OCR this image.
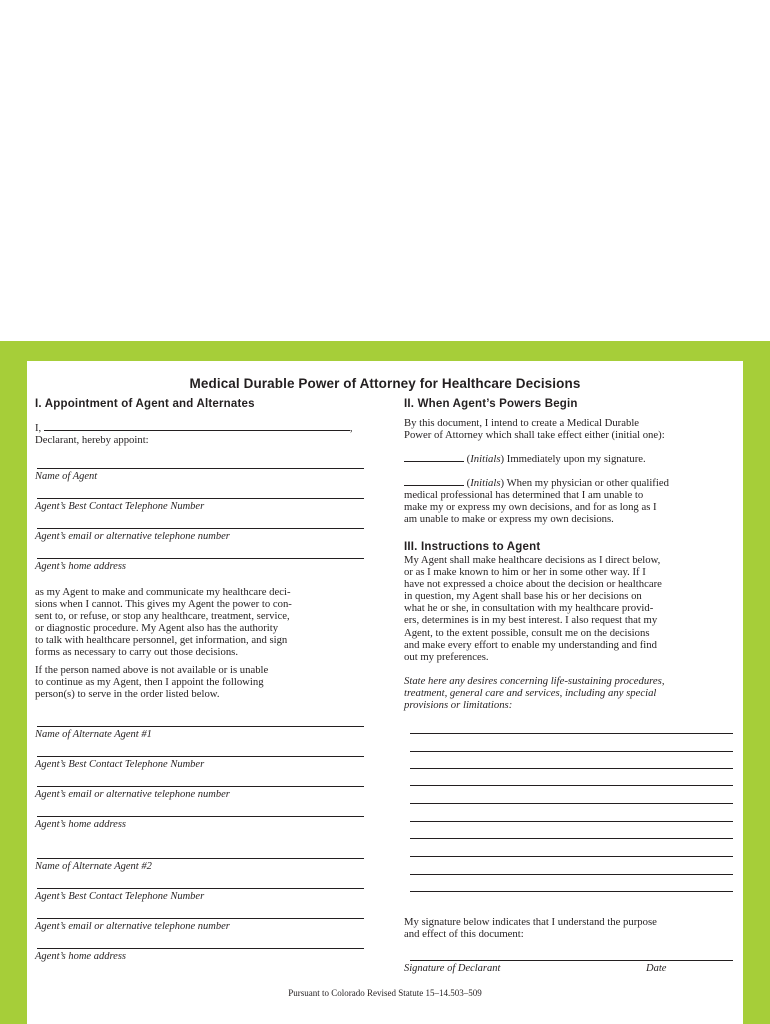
Medical Durable Power of Attorney for Healthcare Decisions
I. Appointment of Agent and Alternates
I,	,
Declarant, hereby appoint:
Name of Agent
Agent’s Best Contact Telephone Number
Agent’s email or alternative telephone number
Agent’s home address
as my Agent to make and communicate my healthcare deci-
sions when I cannot. This gives my Agent the power to con-
sent to, or refuse, or stop any healthcare, treatment, service,
or diagnostic procedure. My Agent also has the authority
to talk with healthcare personnel, get information, and sign
forms as necessary to carry out those decisions.
If the person named above is not available or is unable
to continue as my Agent, then I appoint the following
person(s) to serve in the order listed below.
Name of Alternate Agent #1
Agent’s Best Contact Telephone Number
Agent’s email or alternative telephone number
Agent’s home address
Name of Alternate Agent #2
Agent’s Best Contact Telephone Number
Agent’s email or alternative telephone number
Agent’s home address
II. When Agent’s Powers Begin
By this document, I intend to create a Medical Durable
Power of Attorney which shall take effect either (initial one):
(Initials) Immediately upon my signature.
(Initials) When my physician or other qualified
medical professional has determined that I am unable to
make my or express my own decisions, and for as long as I
am unable to make or express my own decisions.
III. Instructions to Agent
My Agent shall make healthcare decisions as I direct below,
or as I make known to him or her in some other way. If I
have not expressed a choice about the decision or healthcare
in question, my Agent shall base his or her decisions on
what he or she, in consultation with my healthcare provid-
ers, determines is in my best interest. I also request that my
Agent, to the extent possible, consult me on the decisions
and make every effort to enable my understanding and find
out my preferences.
State here any desires concerning life-sustaining procedures,
treatment, general care and services, including any special
provisions or limitations:
My signature below indicates that I understand the purpose
and effect of this document:
Signature of Declarant	Date
Pursuant to Colorado Revised Statute 15–14.503–509
